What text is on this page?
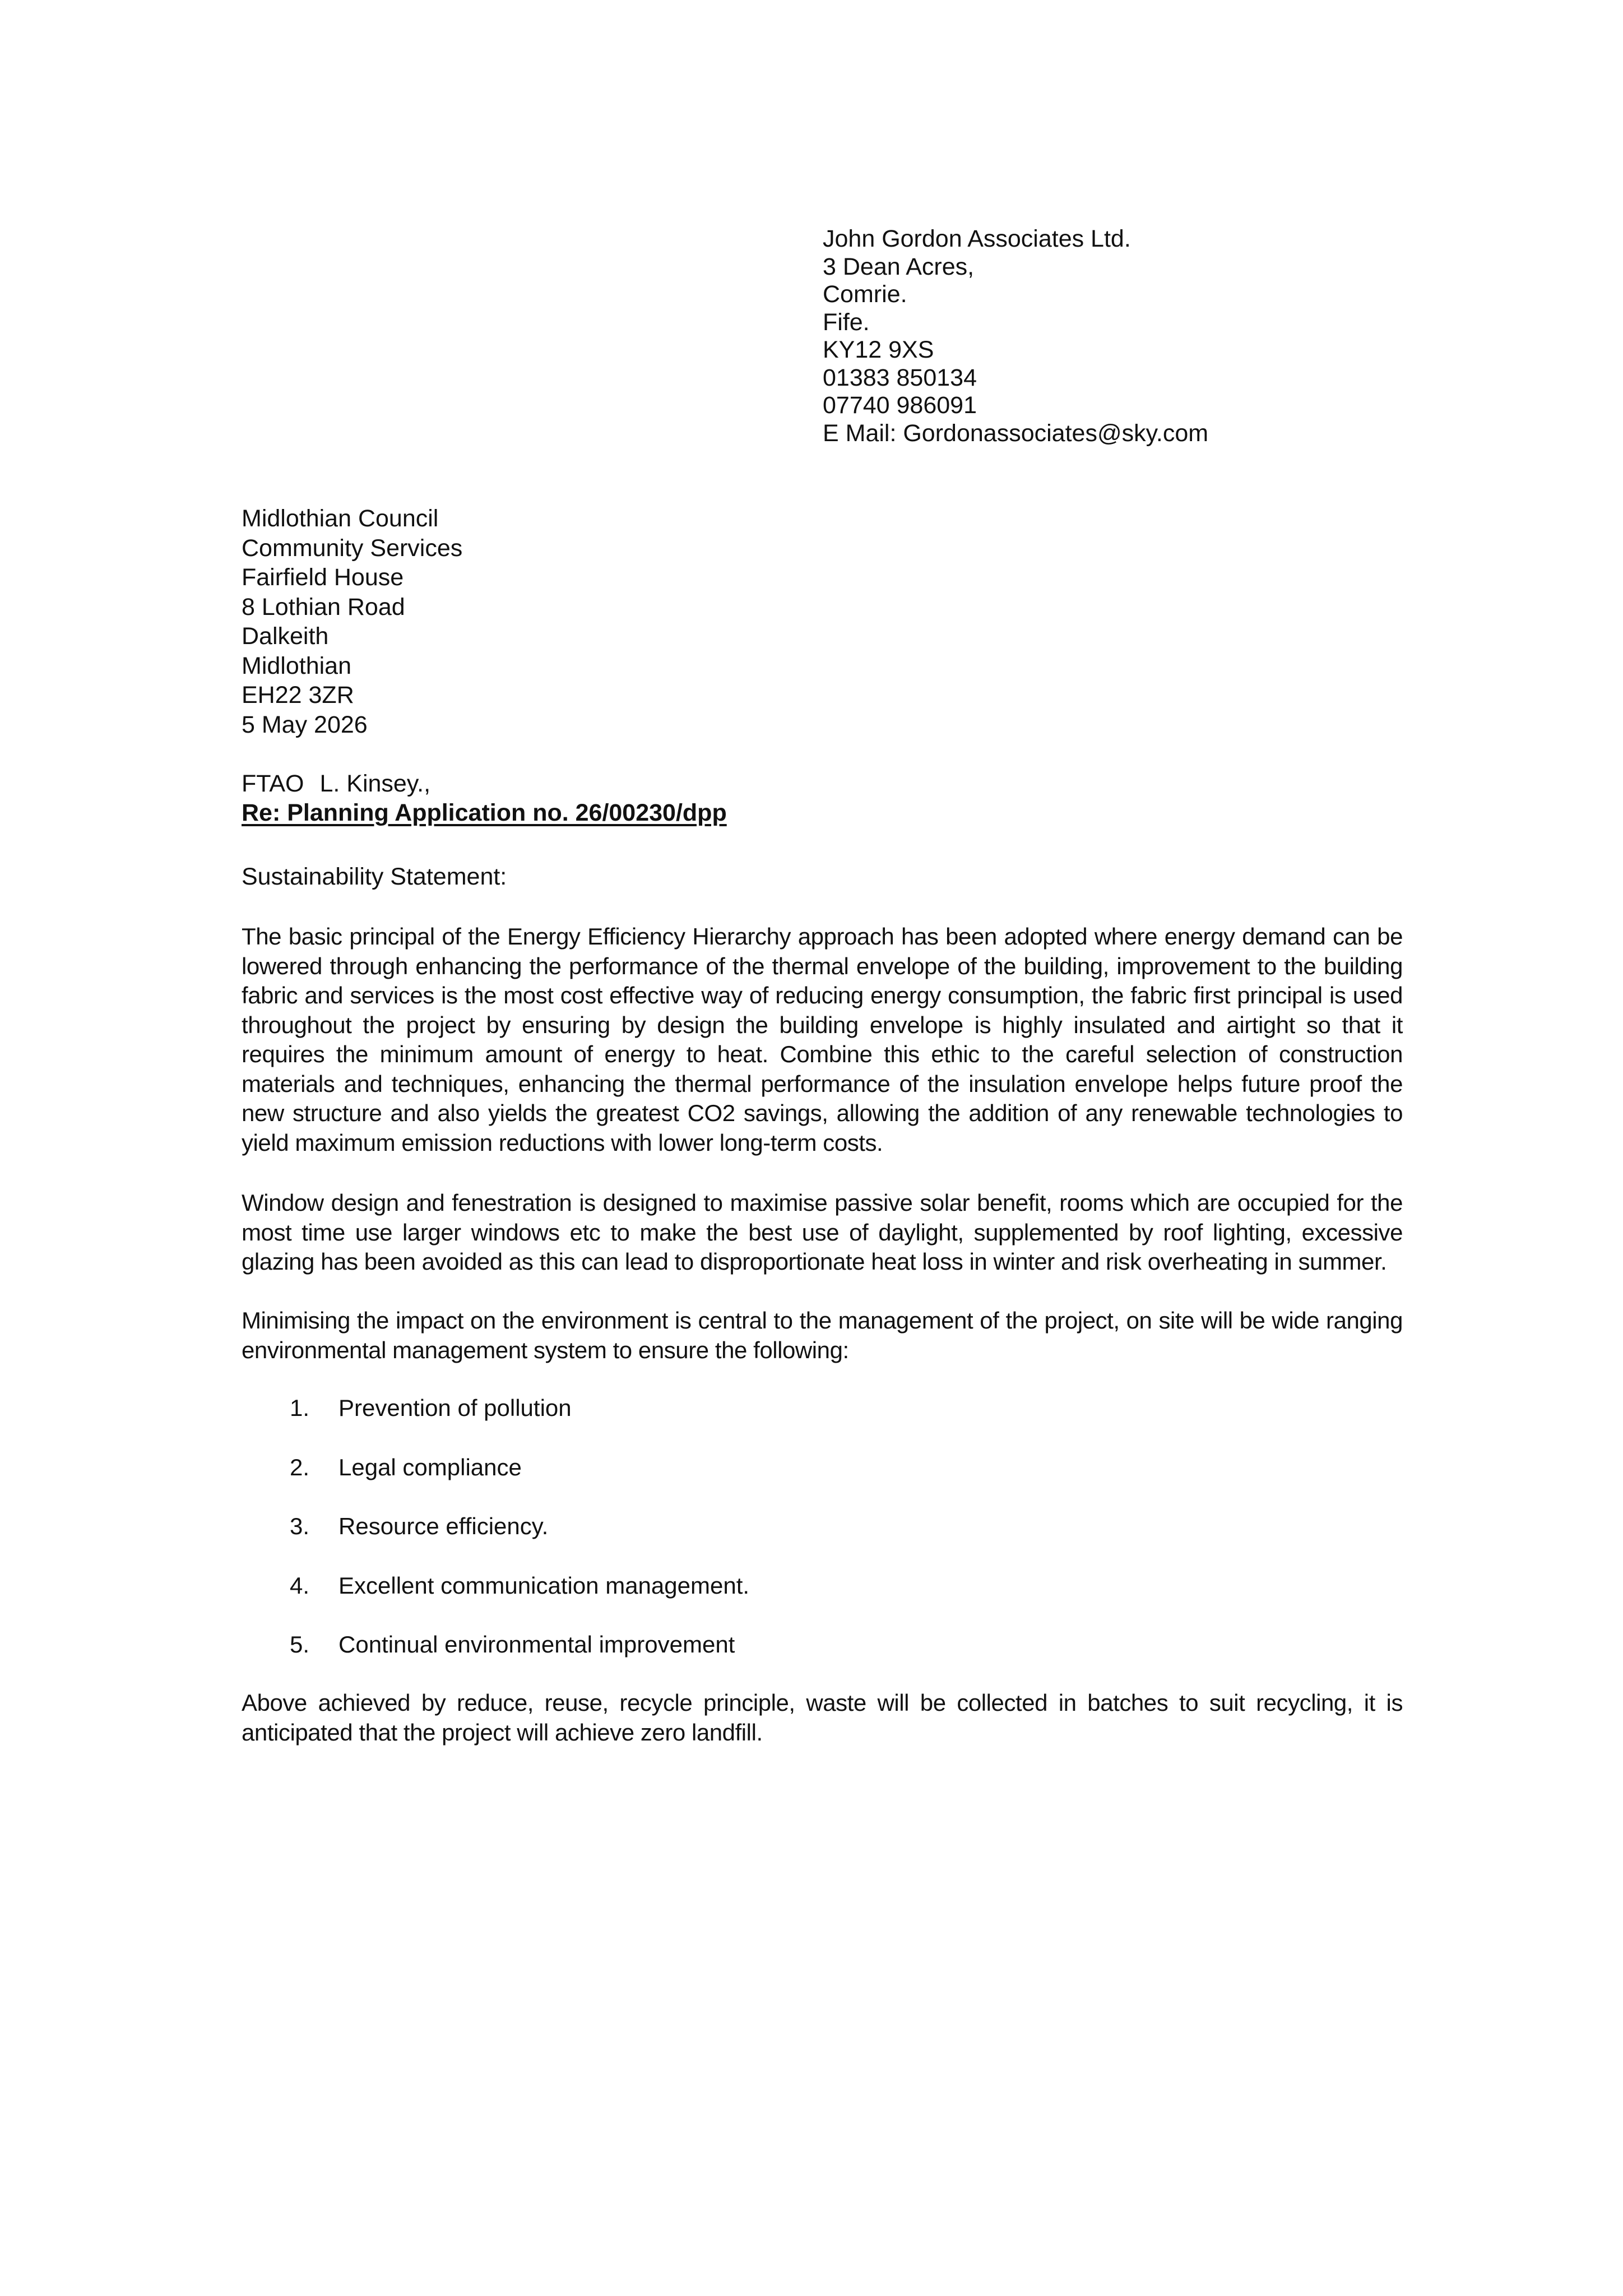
John Gordon Associates Ltd.
3 Dean Acres,
Comrie.
Fife.
KY12 9XS
01383 850134
07740 986091
E Mail: Gordonassociates@sky.com
Midlothian Council
Community Services
Fairfield House
8 Lothian Road
Dalkeith
Midlothian
EH22 3ZR
5 May 2026
FTAO L. Kinsey.,
Re: Planning Application no. 26/00230/dpp
Sustainability Statement:
The basic principal of the Energy Efficiency Hierarchy approach has been adopted where energy demand can be lowered through enhancing the performance of the thermal envelope of the building, improvement to the building fabric and services is the most cost effective way of reducing energy consumption, the fabric first principal is used throughout the project by ensuring by design the building envelope is highly insulated and airtight so that it requires the minimum amount of energy to heat. Combine this ethic to the careful selection of construction materials and techniques, enhancing the thermal performance of the insulation envelope helps future proof the new structure and also yields the greatest CO2 savings, allowing the addition of any renewable technologies to yield maximum emission reductions with lower long-term costs.
Window design and fenestration is designed to maximise passive solar benefit, rooms which are occupied for the most time use larger windows etc to make the best use of daylight, supplemented by roof lighting, excessive glazing has been avoided as this can lead to disproportionate heat loss in winter and risk overheating in summer.
Minimising the impact on the environment is central to the management of the project, on site will be wide ranging environmental management system to ensure the following:
1. Prevention of pollution
2. Legal compliance
3. Resource efficiency.
4. Excellent communication management.
5. Continual environmental improvement
Above achieved by reduce, reuse, recycle principle, waste will be collected in batches to suit recycling, it is anticipated that the project will achieve zero landfill.
